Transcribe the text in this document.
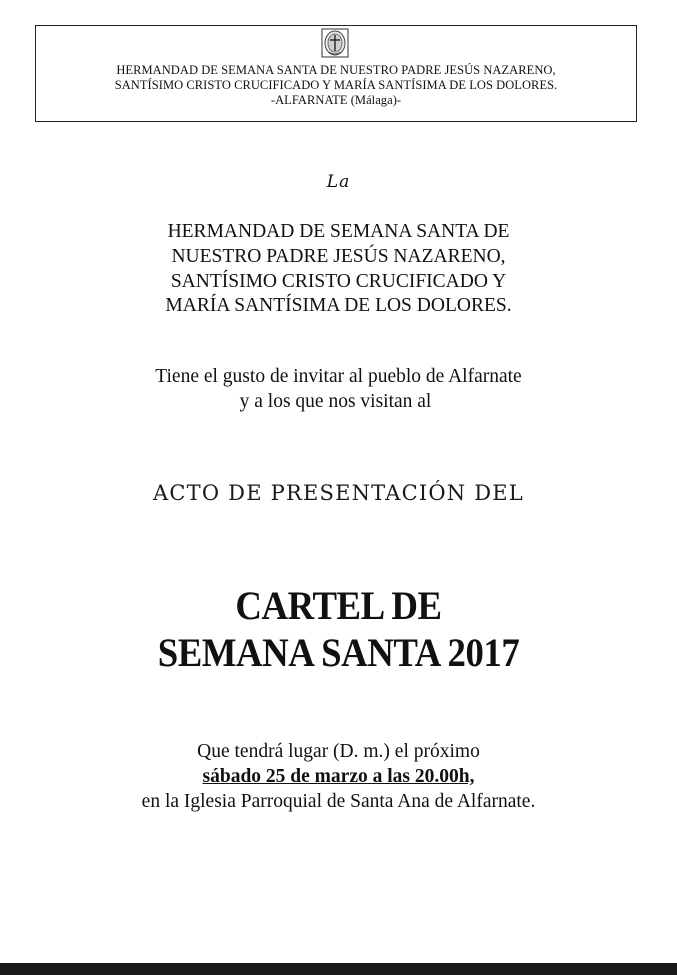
HERMANDAD DE SEMANA SANTA DE NUESTRO PADRE JESÚS NAZARENO,
SANTÍSIMO CRISTO CRUCIFICADO Y MARÍA SANTÍSIMA DE LOS DOLORES.
-ALFARNATE (Málaga)-
La
HERMANDAD DE SEMANA SANTA DE
NUESTRO PADRE JESÚS NAZARENO,
SANTÍSIMO CRISTO CRUCIFICADO Y
MARÍA SANTÍSIMA DE LOS DOLORES.
Tiene el gusto de invitar al pueblo de Alfarnate
y a los que nos visitan al
ACTO DE PRESENTACIÓN DEL
CARTEL DE
SEMANA SANTA 2017
Que tendrá lugar (D. m.) el próximo
sábado 25 de marzo a las 20.00h,
en la Iglesia Parroquial de Santa Ana de Alfarnate.
